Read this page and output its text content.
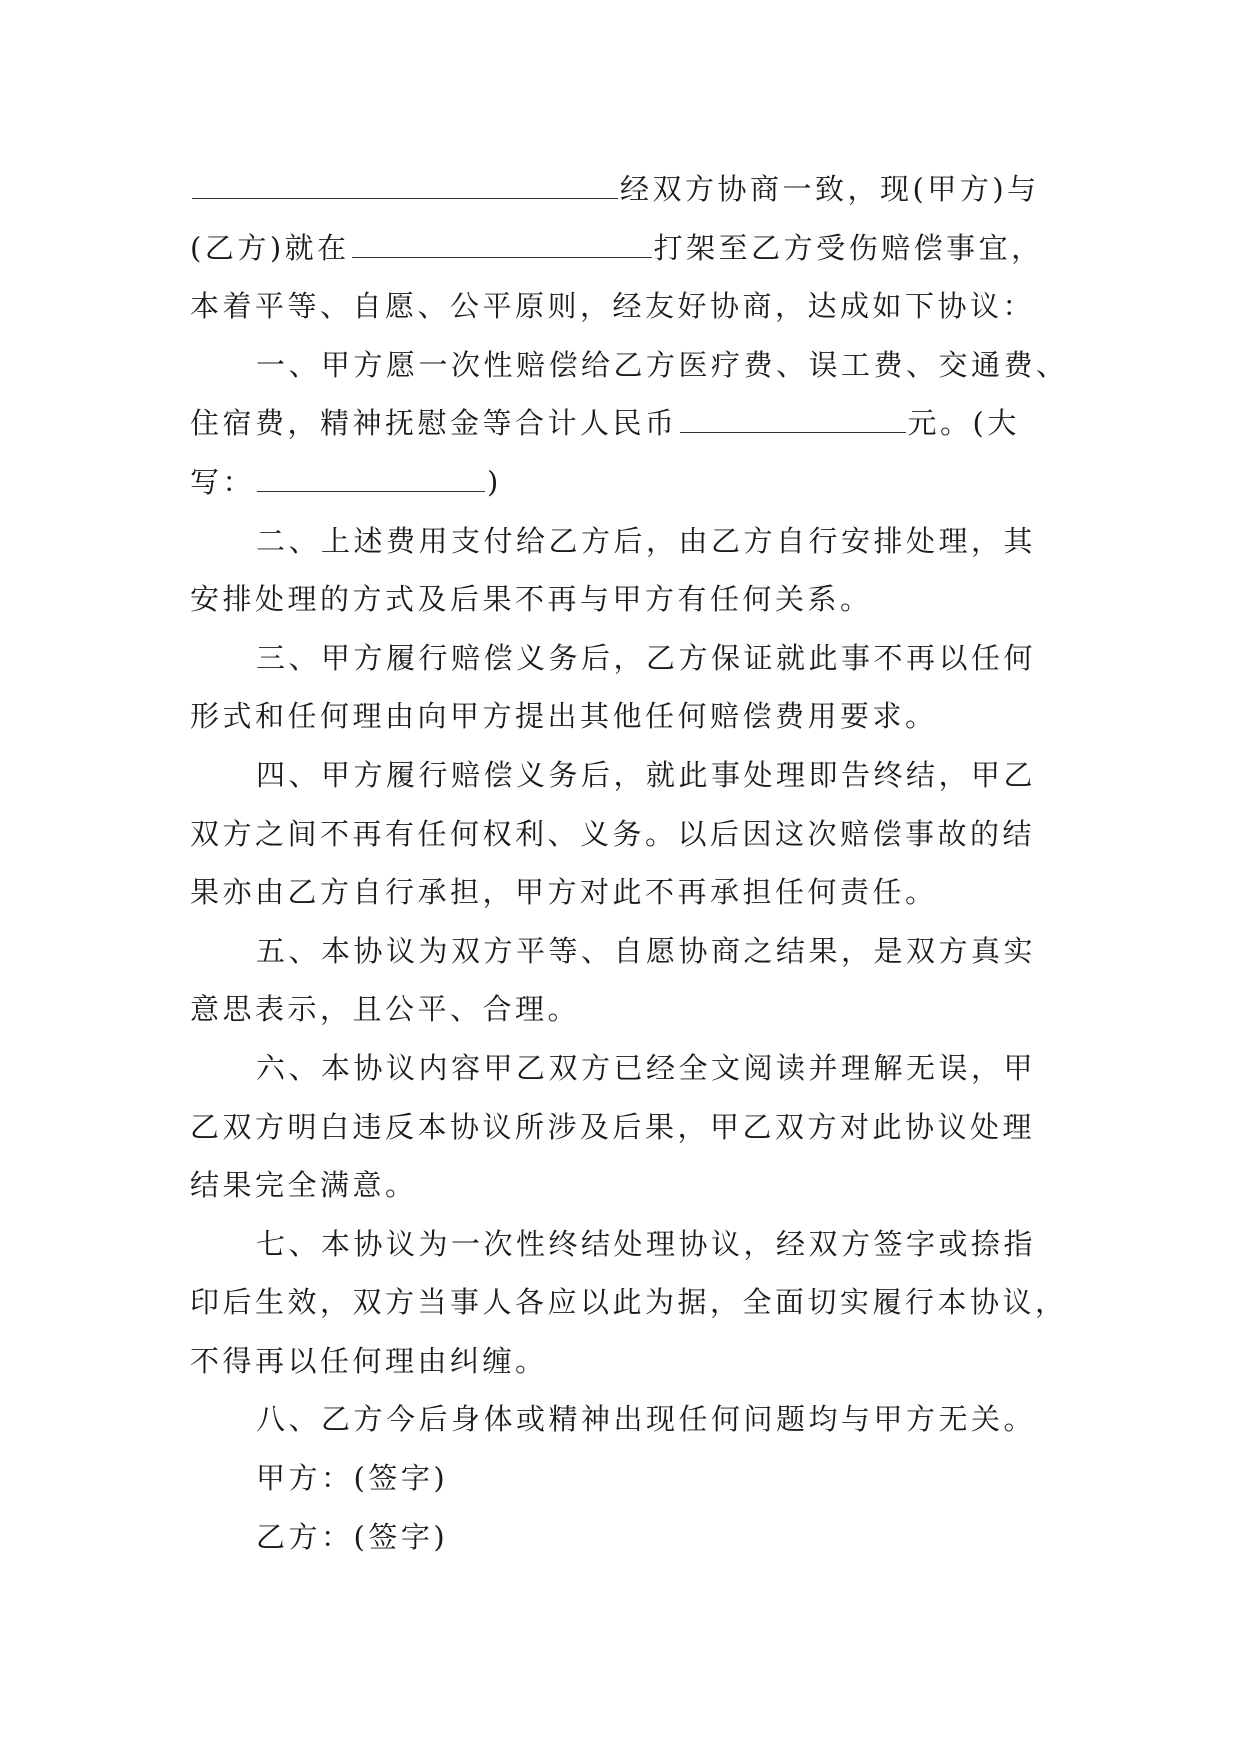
经双方协商一致，现(甲方)与
(乙方)就在	打架至乙方受伤赔偿事宜，
本着平等、自愿、公平原则，经友好协商，达成如下协议：
一、甲方愿一次性赔偿给乙方医疗费、误工费、交通费、
住宿费，精神抚慰金等合计人民币	元。(大
写：	)
二、上述费用支付给乙方后，由乙方自行安排处理，其
安排处理的方式及后果不再与甲方有任何关系。
三、甲方履行赔偿义务后，乙方保证就此事不再以任何
形式和任何理由向甲方提出其他任何赔偿费用要求。
四、甲方履行赔偿义务后，就此事处理即告终结，甲乙
双方之间不再有任何权利、义务。以后因这次赔偿事故的结
果亦由乙方自行承担，甲方对此不再承担任何责任。
五、本协议为双方平等、自愿协商之结果，是双方真实
意思表示，且公平、合理。
六、本协议内容甲乙双方已经全文阅读并理解无误，甲
乙双方明白违反本协议所涉及后果，甲乙双方对此协议处理
结果完全满意。
七、本协议为一次性终结处理协议，经双方签字或捺指
印后生效，双方当事人各应以此为据，全面切实履行本协议，
不得再以任何理由纠缠。
八、乙方今后身体或精神出现任何问题均与甲方无关。
甲方：(签字)
乙方：(签字)
